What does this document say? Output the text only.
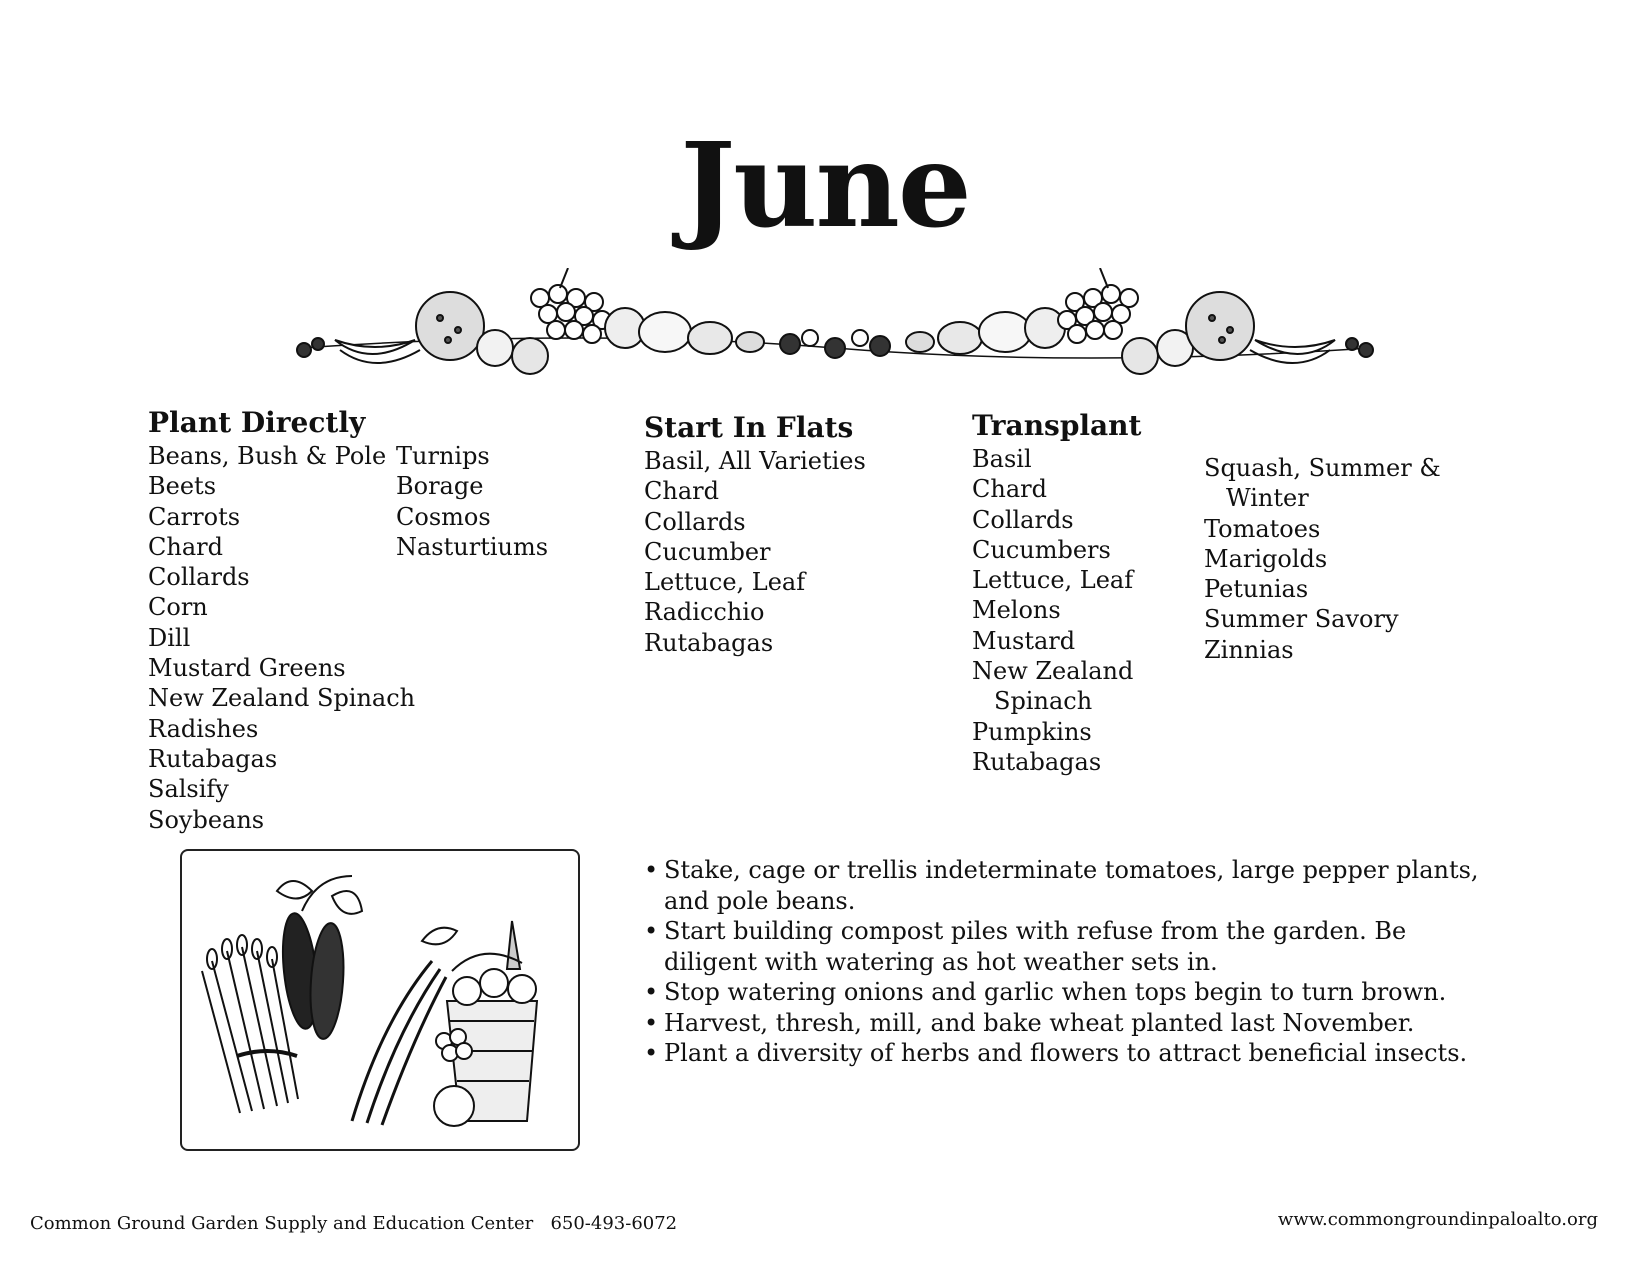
June
Plant Directly
Beans, Bush & Pole
Beets
Carrots
Chard
Collards
Corn
Dill
Mustard Greens
New Zealand Spinach
Radishes
Rutabagas
Salsify
Soybeans
Turnips
Borage
Cosmos
Nasturtiums
Start In Flats
Basil, All Varieties
Chard
Collards
Cucumber
Lettuce, Leaf
Radicchio
Rutabagas
Transplant
Basil
Chard
Collards
Cucumbers
Lettuce, Leaf
Melons
Mustard
New Zealand
Spinach
Pumpkins
Rutabagas
Squash, Summer &
Winter
Tomatoes
Marigolds
Petunias
Summer Savory
Zinnias
• Stake, cage or trellis indeterminate tomatoes, large pepper plants, and pole beans.
• Start building compost piles with refuse from the garden. Be diligent with watering as hot weather sets in.
• Stop watering onions and garlic when tops begin to turn brown.
• Harvest, thresh, mill, and bake wheat planted last November.
• Plant a diversity of herbs and flowers to attract beneficial insects.
Common Ground Garden Supply and Education Center 650-493-6072	www.commongroundinpaloalto.org
